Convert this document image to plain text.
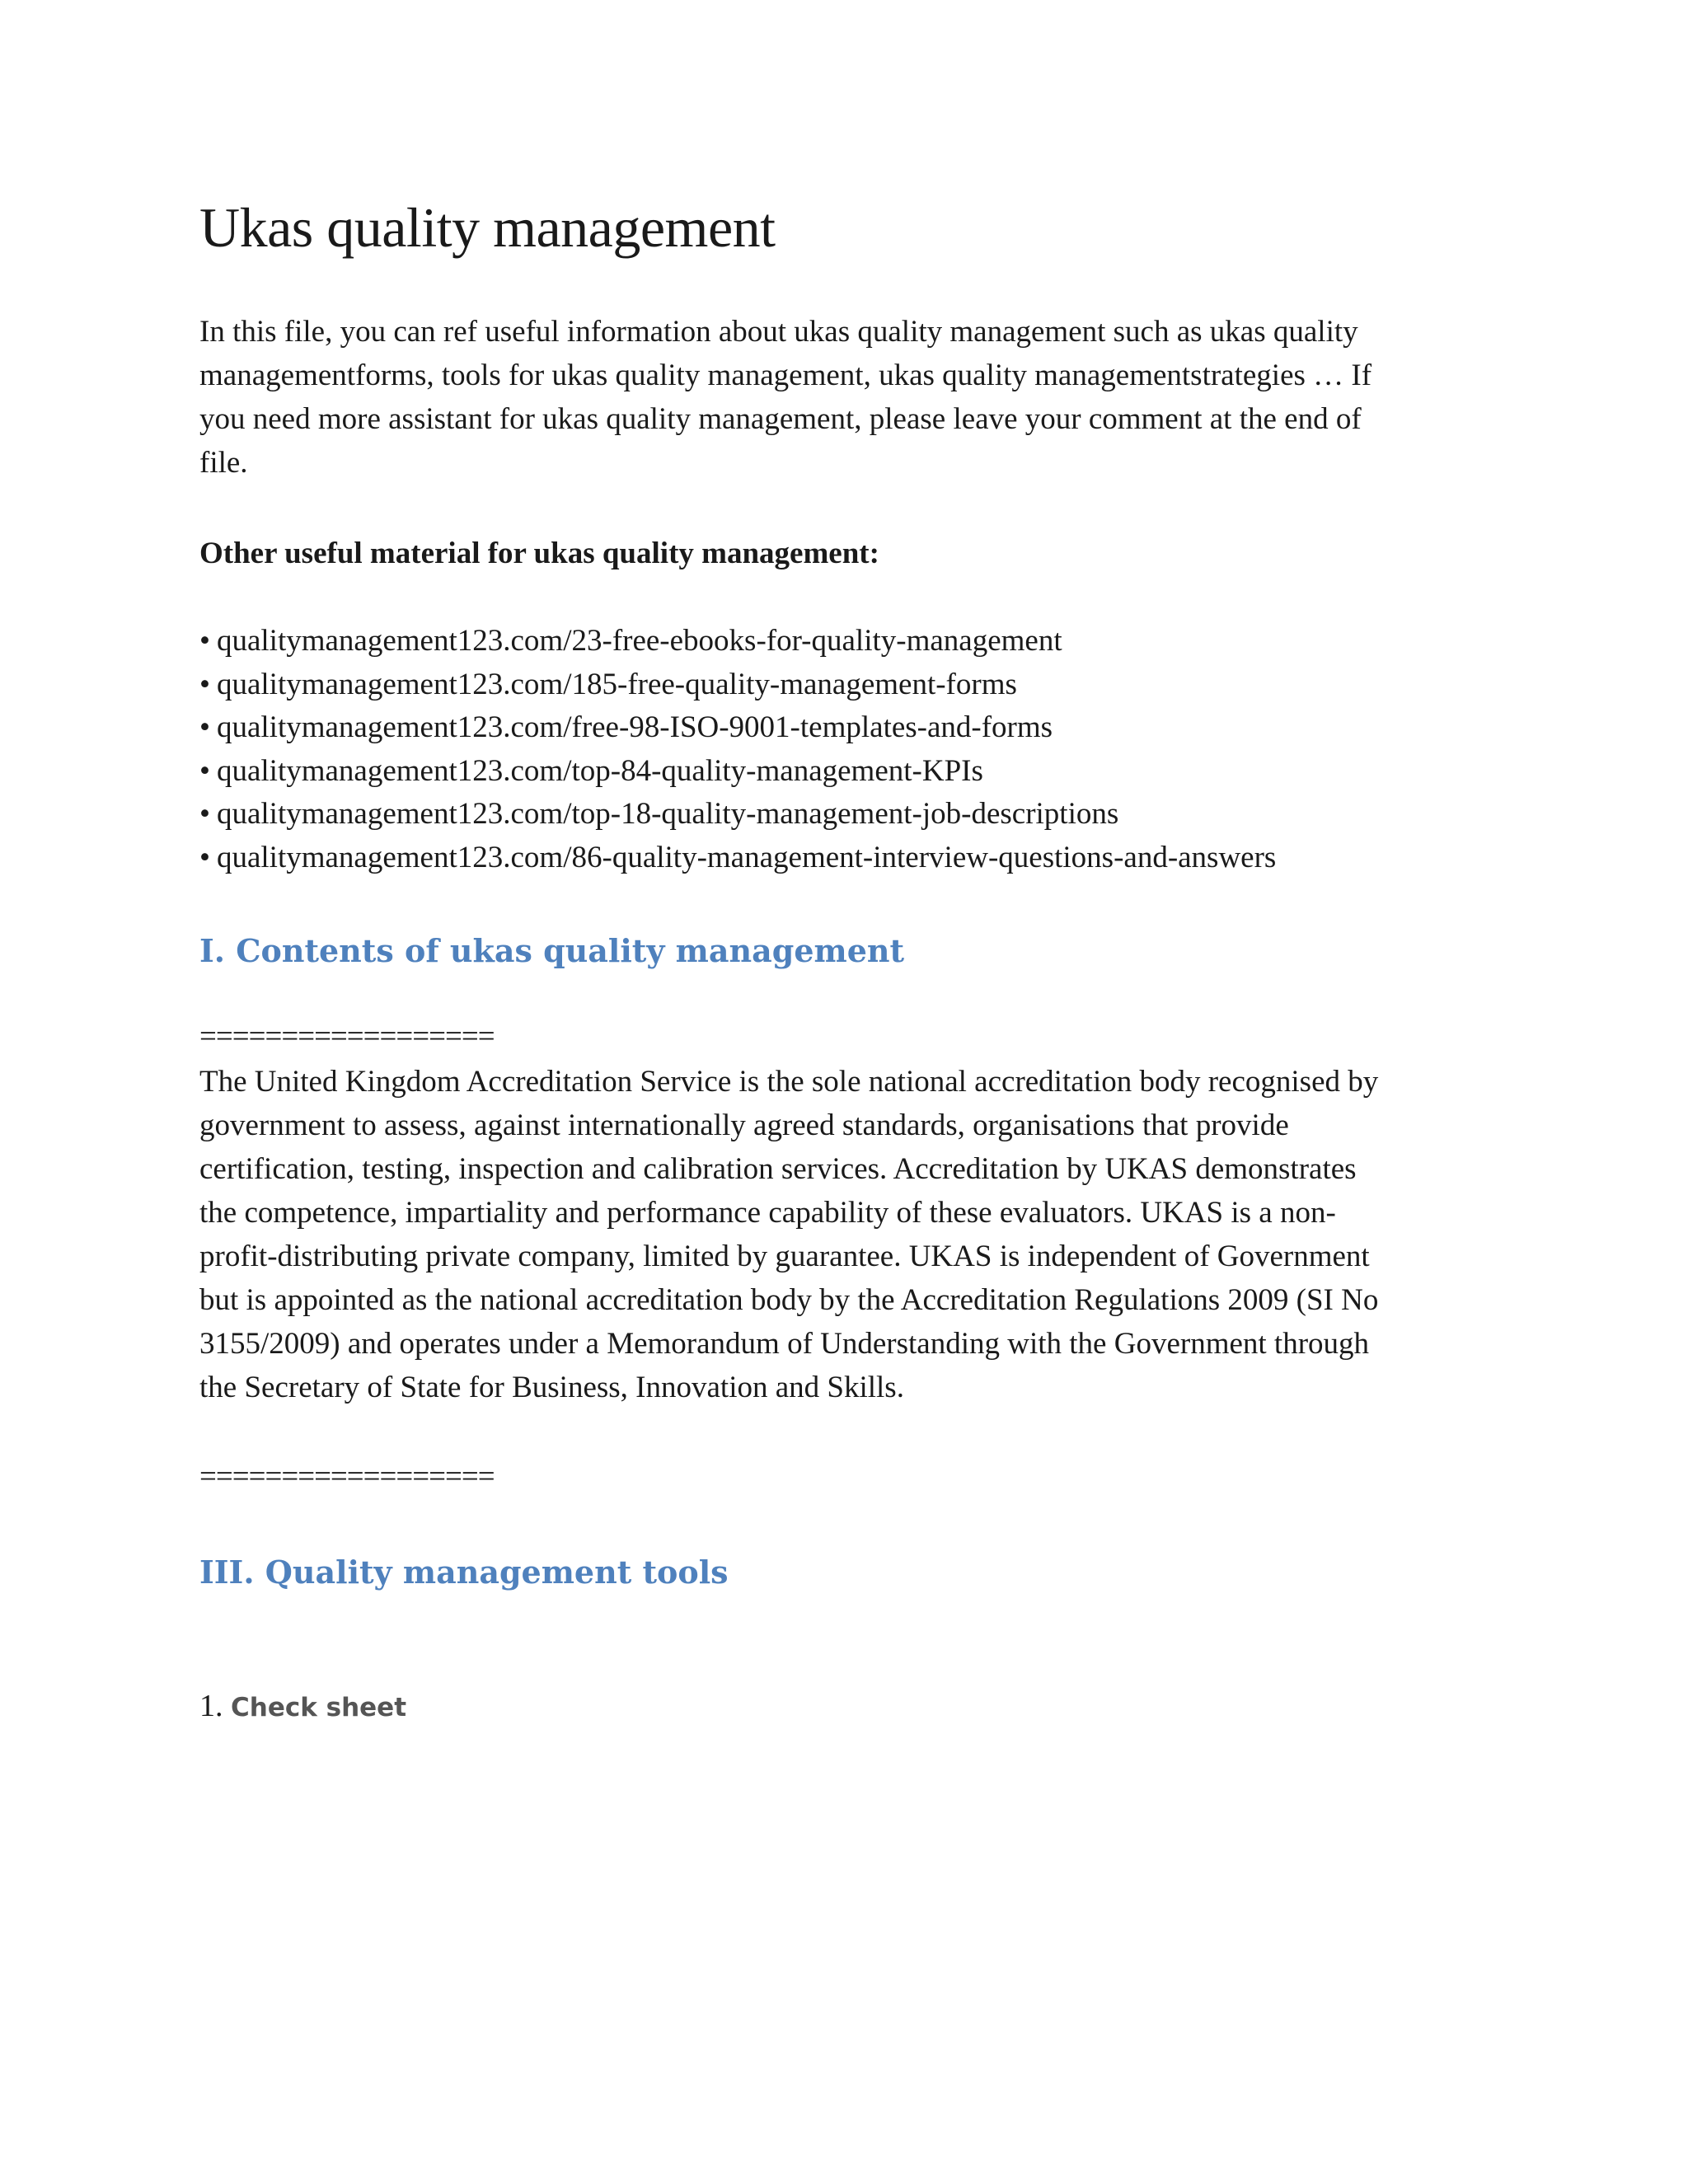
Ukas quality management

In this file, you can ref useful information about ukas quality management such as ukas quality
managementforms, tools for ukas quality management, ukas quality managementstrategies … If
you need more assistant for ukas quality management, please leave your comment at the end of
file.

Other useful material for ukas quality management:

• qualitymanagement123.com/23-free-ebooks-for-quality-management
• qualitymanagement123.com/185-free-quality-management-forms
• qualitymanagement123.com/free-98-ISO-9001-templates-and-forms
• qualitymanagement123.com/top-84-quality-management-KPIs
• qualitymanagement123.com/top-18-quality-management-job-descriptions
• qualitymanagement123.com/86-quality-management-interview-questions-and-answers
I. Contents of ukas quality management

==================

The United Kingdom Accreditation Service is the sole national accreditation body recognised by
government to assess, against internationally agreed standards, organisations that provide
certification, testing, inspection and calibration services. Accreditation by UKAS demonstrates
the competence, impartiality and performance capability of these evaluators. UKAS is a non-
profit-distributing private company, limited by guarantee. UKAS is independent of Government
but is appointed as the national accreditation body by the Accreditation Regulations 2009 (SI No
3155/2009) and operates under a Memorandum of Understanding with the Government through
the Secretary of State for Business, Innovation and Skills.

==================

III. Quality management tools

1. Check sheet
